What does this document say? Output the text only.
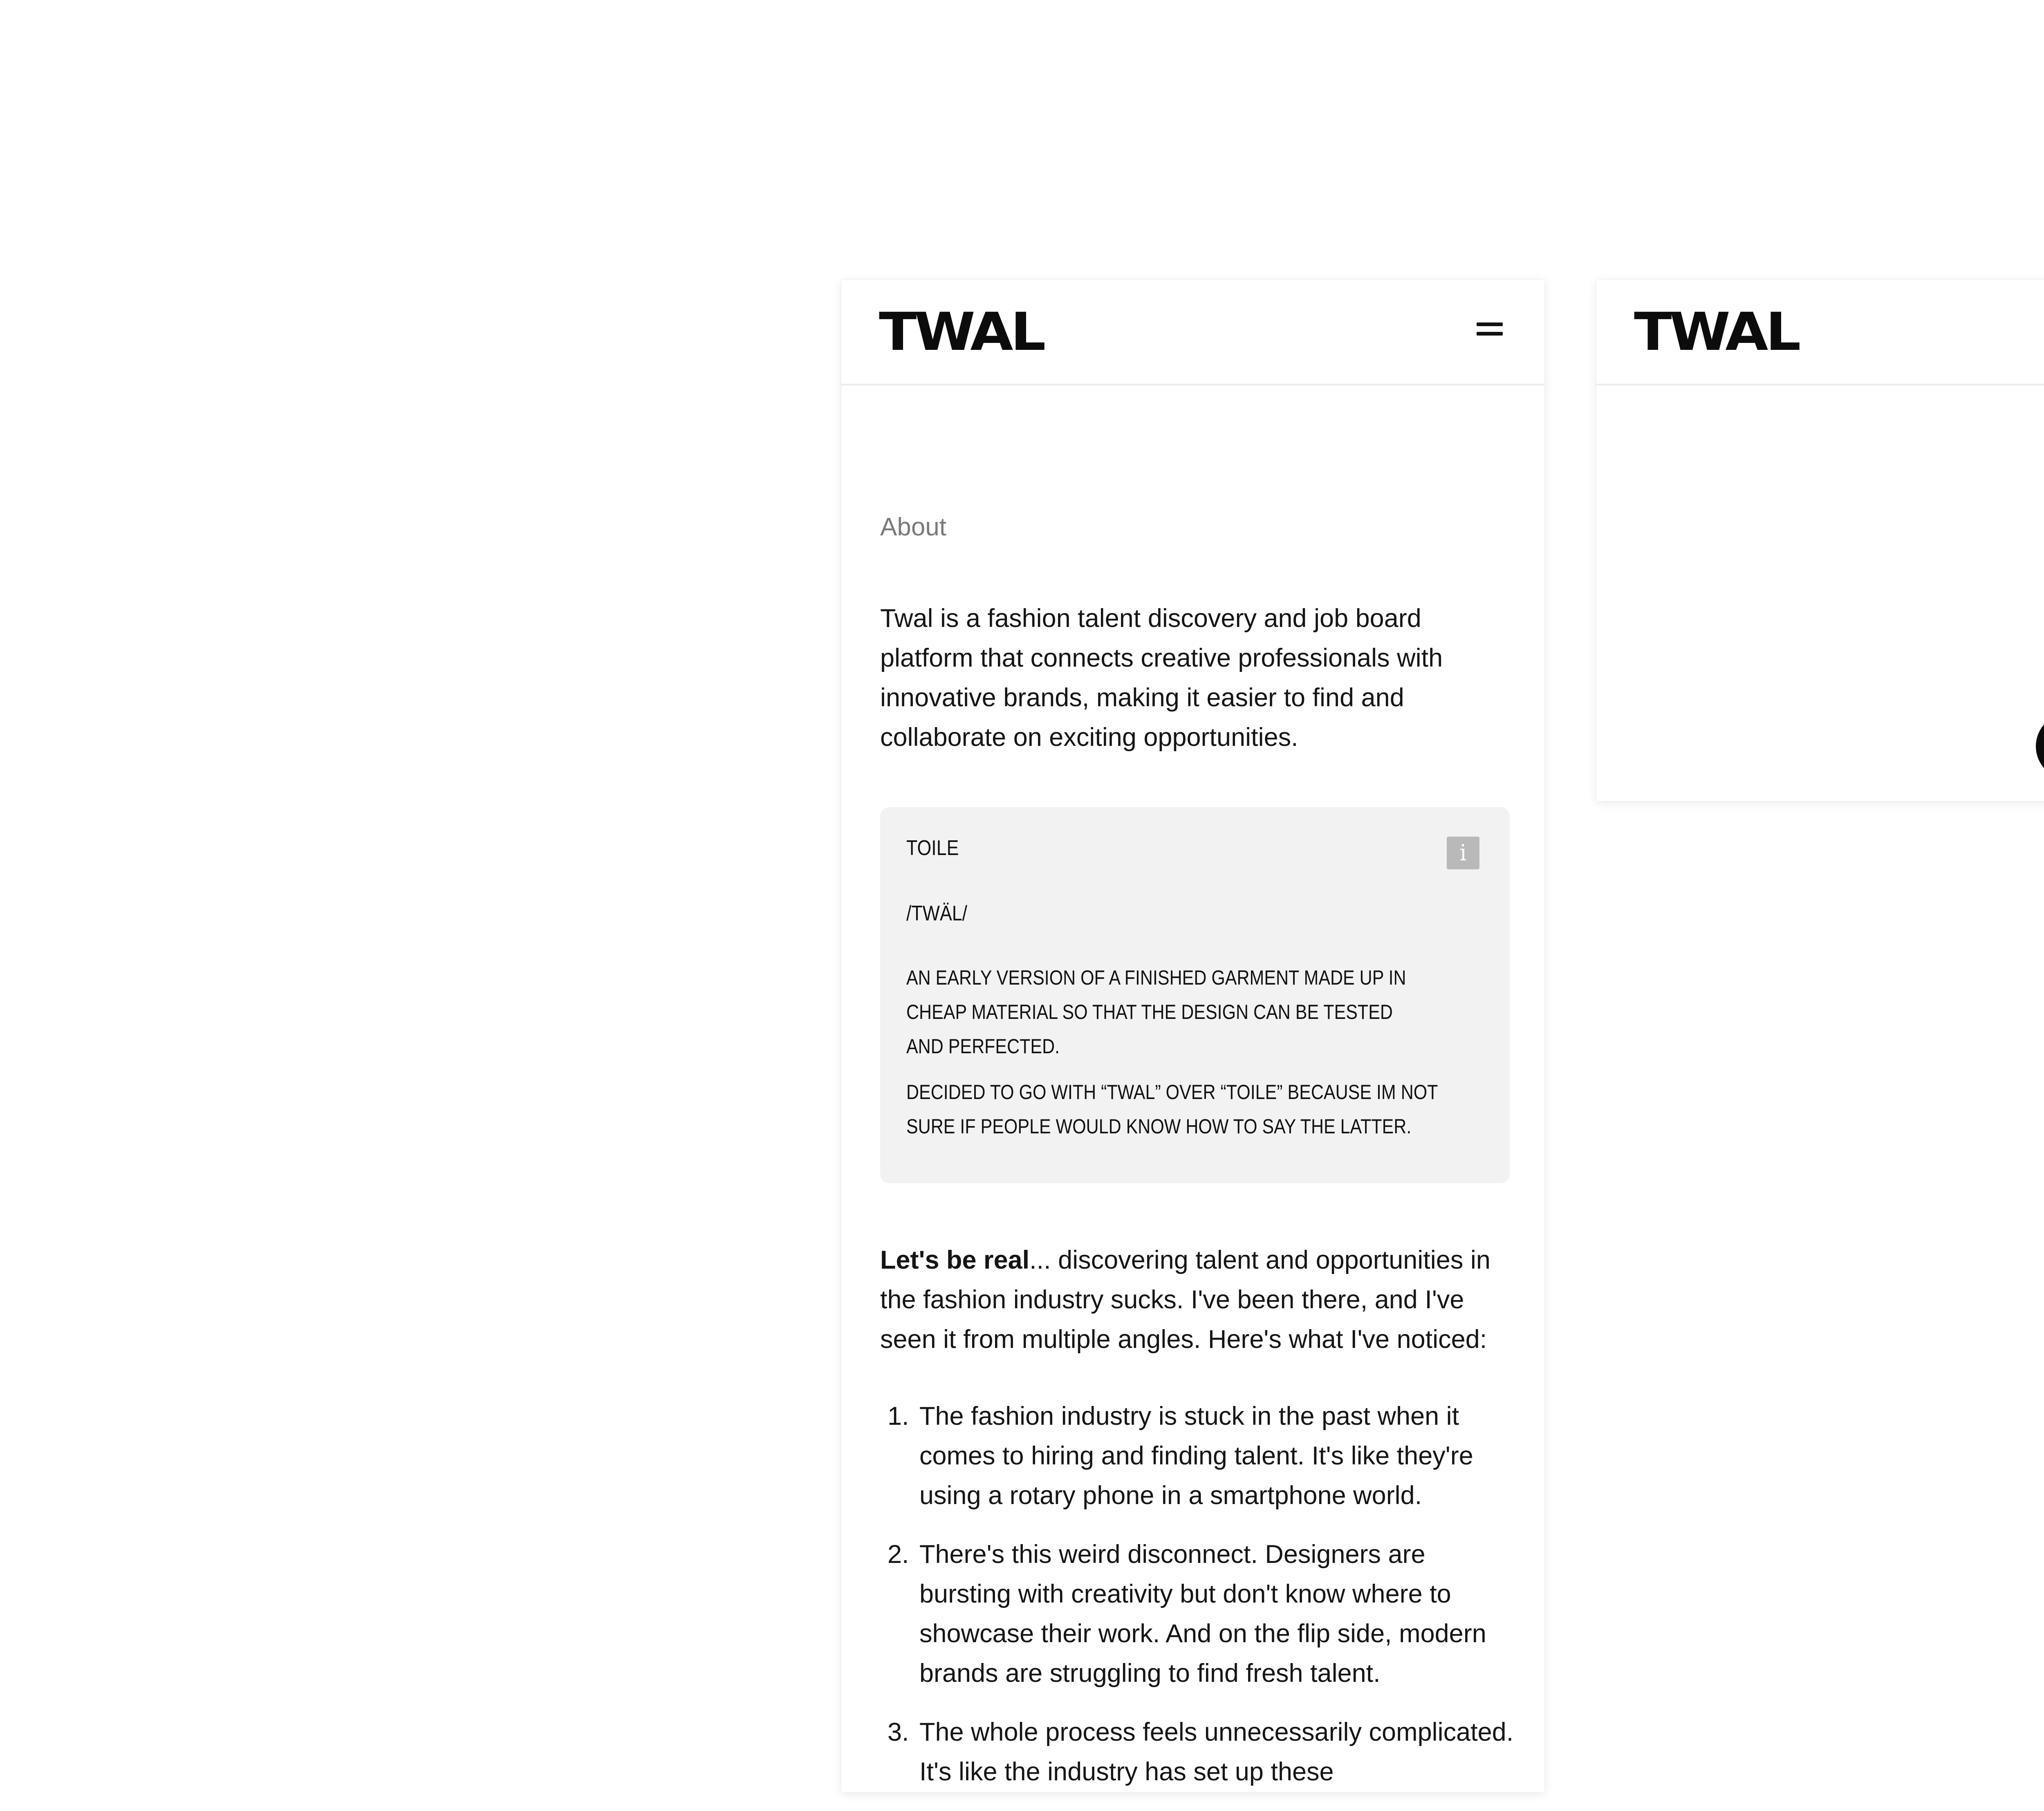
TWAL
About
Twal is a fashion talent discovery and job board platform that connects creative professionals with innovative brands, making it easier to find and collaborate on exciting opportunities.
TOILE	i
/TWÄL/
AN EARLY VERSION OF A FINISHED GARMENT MADE UP IN CHEAP MATERIAL SO THAT THE DESIGN CAN BE TESTED AND PERFECTED.
DECIDED TO GO WITH “TWAL” OVER “TOILE” BECAUSE IM NOT SURE IF PEOPLE WOULD KNOW HOW TO SAY THE LATTER.
Let's be real... discovering talent and opportunities in the fashion industry sucks. I've been there, and I've seen it from multiple angles. Here's what I've noticed:
1. The fashion industry is stuck in the past when it comes to hiring and finding talent. It's like they're using a rotary phone in a smartphone world.
2. There's this weird disconnect. Designers are bursting with creativity but don't know where to showcase their work. And on the flip side, modern brands are struggling to find fresh talent.
3. The whole process feels unnecessarily complicated. It's like the industry has set up these
TWAL
